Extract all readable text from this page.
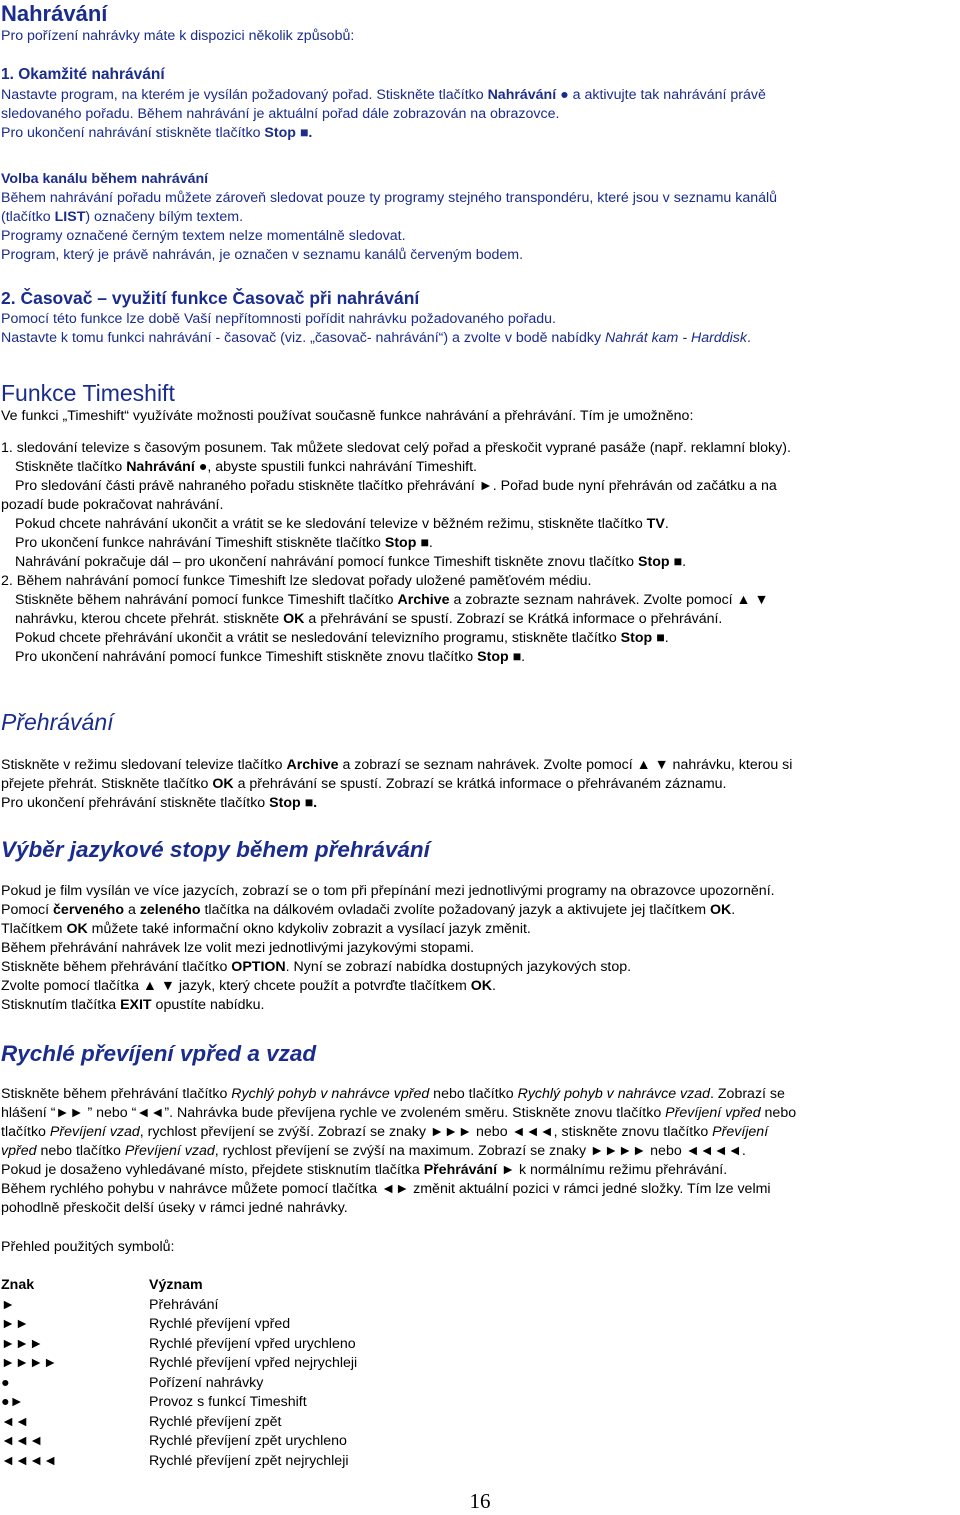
Nahrávání

Pro pořízení nahrávky máte k dispozici několik způsobů:

1. Okamžité nahrávání

Nastavte program, na kterém je vysílán požadovaný pořad. Stiskněte tlačítko Nahrávání ● a aktivujte tak nahrávání právě

sledovaného pořadu. Během nahrávání je aktuální pořad dále zobrazován na obrazovce.

Pro ukončení nahrávání stiskněte tlačítko Stop ■.

Volba kanálu během nahrávání

Během nahrávání pořadu můžete zároveň sledovat pouze ty programy stejného transpondéru, které jsou v seznamu kanálů

(tlačítko LIST) označeny bílým textem.

Programy označené černým textem nelze momentálně sledovat.

Program, který je právě nahráván, je označen v seznamu kanálů červeným bodem.

2. Časovač – využití funkce Časovač při nahrávání

Pomocí této funkce lze době Vaší nepřítomnosti pořídit nahrávku požadovaného pořadu.

Nastavte k tomu funkci nahrávání - časovač (viz. „časovač- nahrávání“) a zvolte v bodě nabídky Nahrát kam - Harddisk.

Funkce Timeshift

Ve funkci „Timeshift“ využíváte možnosti používat současně funkce nahrávání a přehrávání. Tím je umožněno:

1. sledování televize s časovým posunem. Tak můžete sledovat celý pořad a přeskočit vyprané pasáže (např. reklamní bloky).

Stiskněte tlačítko Nahrávání ●, abyste spustili funkci nahrávání Timeshift.

Pro sledování části právě nahraného pořadu stiskněte tlačítko přehrávání ►. Pořad bude nyní přehráván od začátku a na

pozadí bude pokračovat nahrávání.

Pokud chcete nahrávání ukončit a vrátit se ke sledování televize v běžném režimu, stiskněte tlačítko TV.

Pro ukončení funkce nahrávání Timeshift stiskněte tlačítko Stop ■.

Nahrávání pokračuje dál – pro ukončení nahrávání pomocí funkce Timeshift tiskněte znovu tlačítko Stop ■.

2. Během nahrávání pomocí funkce Timeshift lze sledovat pořady uložené paměťovém médiu.

Stiskněte během nahrávání pomocí funkce Timeshift tlačítko Archive a zobrazte seznam nahrávek. Zvolte pomocí ▲ ▼

nahrávku, kterou chcete přehrát. stiskněte OK a přehrávání se spustí. Zobrazí se Krátká informace o přehrávání.

Pokud chcete přehrávání ukončit a vrátit se nesledování televizního programu, stiskněte tlačítko Stop ■.

Pro ukončení nahrávání pomocí funkce Timeshift stiskněte znovu tlačítko Stop ■.

Přehrávání

Stiskněte v režimu sledovaní televize tlačítko Archive a zobrazí se seznam nahrávek. Zvolte pomocí ▲ ▼ nahrávku, kterou si

přejete přehrát. Stiskněte tlačítko OK a přehrávání se spustí. Zobrazí se krátká informace o přehrávaném záznamu.

Pro ukončení přehrávání stiskněte tlačítko Stop ■.

Výběr jazykové stopy během přehrávání

Pokud je film vysílán ve více jazycích, zobrazí se o tom při přepínání mezi jednotlivými programy na obrazovce upozornění.

Pomocí červeného a zeleného tlačítka na dálkovém ovladači zvolíte požadovaný jazyk a aktivujete jej tlačítkem OK.

Tlačítkem OK můžete také informační okno kdykoliv zobrazit a vysílací jazyk změnit.

Během přehrávání nahrávek lze volit mezi jednotlivými jazykovými stopami.

Stiskněte během přehrávání tlačítko OPTION. Nyní se zobrazí nabídka dostupných jazykových stop.

Zvolte pomocí tlačítka ▲ ▼ jazyk, který chcete použít a potvrďte tlačítkem OK.

Stisknutím tlačítka EXIT opustíte nabídku.

Rychlé převíjení vpřed a vzad

Stiskněte během přehrávání tlačítko Rychlý pohyb v nahrávce vpřed nebo tlačítko Rychlý pohyb v nahrávce vzad. Zobrazí se

hlášení “►► ” nebo “◄◄”. Nahrávka bude převíjena rychle ve zvoleném směru. Stiskněte znovu tlačítko Převíjení vpřed nebo

tlačítko Převíjení vzad, rychlost převíjení se zvýší. Zobrazí se znaky ►►► nebo ◄◄◄, stiskněte znovu tlačítko Převíjení

vpřed nebo tlačítko Převíjení vzad, rychlost převíjení se zvýší na maximum. Zobrazí se znaky ►►►► nebo ◄◄◄◄.

Pokud je dosaženo vyhledávané místo, přejdete stisknutím tlačítka Přehrávání ► k normálnímu režimu přehrávání.

Během rychlého pohybu v nahrávce můžete pomocí tlačítka ◄► změnit aktuální pozici v rámci jedné složky. Tím lze velmi

pohodlně přeskočit delší úseky v rámci jedné nahrávky.

Přehled použitých symbolů:

Znak	Význam
►	Přehrávání
►►	Rychlé převíjení vpřed
►►►	Rychlé převíjení vpřed urychleno
►►►►	Rychlé převíjení vpřed nejrychleji
●	Pořízení nahrávky
●►	Provoz s funkcí Timeshift
◄◄	Rychlé převíjení zpět
◄◄◄	Rychlé převíjení zpět urychleno
◄◄◄◄	Rychlé převíjení zpět nejrychleji
16
